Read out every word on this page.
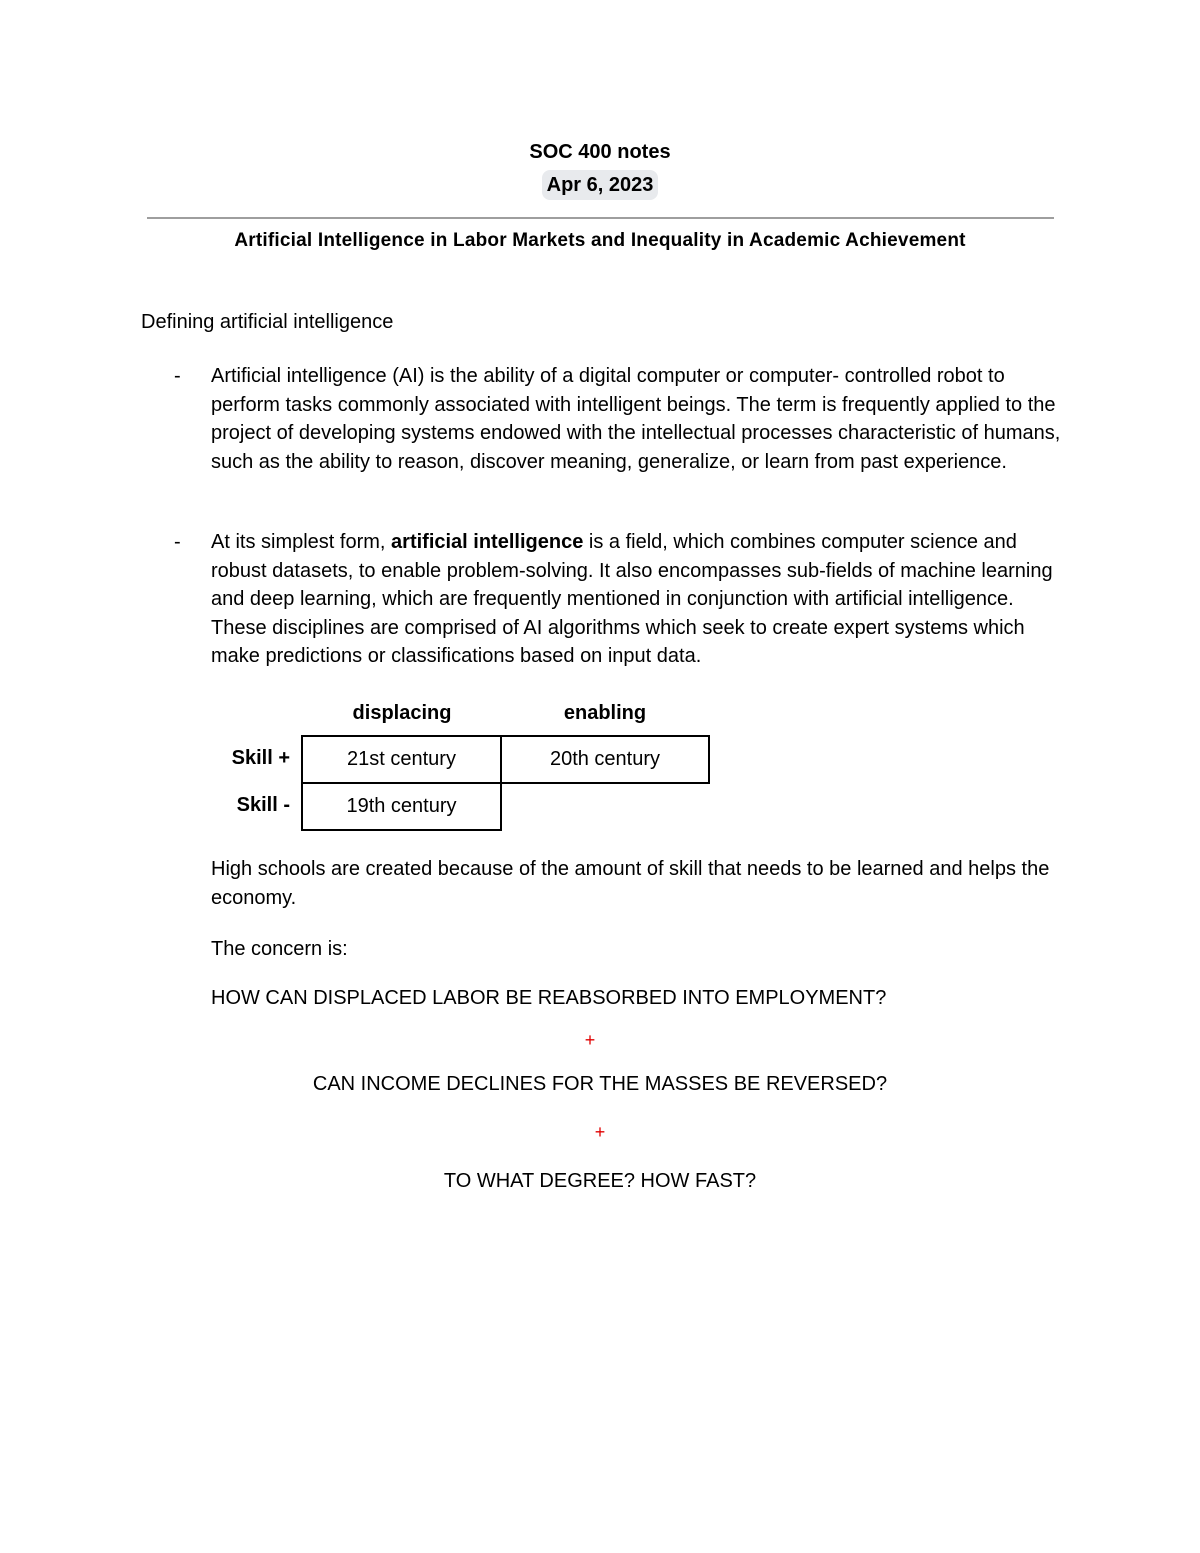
SOC 400 notes
Apr 6, 2023
Artificial Intelligence in Labor Markets and Inequality in Academic Achievement
Defining artificial intelligence
- Artificial intelligence (AI) is the ability of a digital computer or computer- controlled robot to perform tasks commonly associated with intelligent beings. The term is frequently applied to the project of developing systems endowed with the intellectual processes characteristic of humans, such as the ability to reason, discover meaning, generalize, or learn from past experience.
- At its simplest form, artificial intelligence is a field, which combines computer science and robust datasets, to enable problem-solving. It also encompasses sub-fields of machine learning and deep learning, which are frequently mentioned in conjunction with artificial intelligence. These disciplines are comprised of AI algorithms which seek to create expert systems which make predictions or classifications based on input data.
displacing	enabling
Skill +
Skill -
21st century	20th century
19th century
High schools are created because of the amount of skill that needs to be learned and helps the economy.
The concern is:
HOW CAN DISPLACED LABOR BE REABSORBED INTO EMPLOYMENT?
+
CAN INCOME DECLINES FOR THE MASSES BE REVERSED?
+
TO WHAT DEGREE? HOW FAST?
